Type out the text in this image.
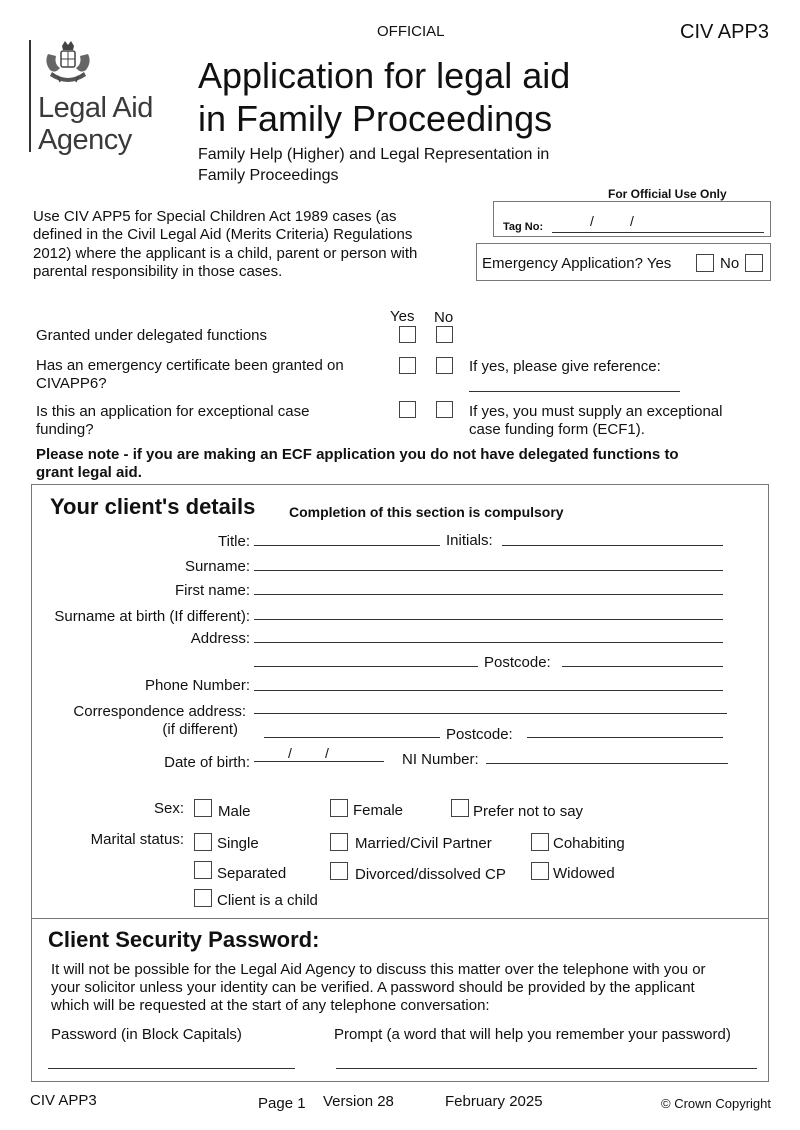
OFFICIAL	CIV APP3
Legal Aid
Agency
Application for legal aid
in Family Proceedings
Family Help (Higher) and Legal Representation in
Family Proceedings
Use CIV APP5 for Special Children Act 1989 cases (as
defined in the Civil Legal Aid (Merits Criteria) Regulations
2012) where the applicant is a child, parent or person with
parental responsibility in those cases.
For Official Use Only
Tag No:	/	/
Emergency Application? Yes	No
Yes No
Granted under delegated functions
Has an emergency certificate been granted on
CIVAPP6?
If yes, please give reference:
Is this an application for exceptional case
funding?
If yes, you must supply an exceptional
case funding form (ECF1).
Please note - if you are making an ECF application you do not have delegated functions to
grant legal aid.
Your client's details Completion of this section is compulsory
Title:	Initials:
Surname:
First name:
Surname at birth (If different):
Address:
Postcode:
Phone Number:
Correspondence address:
(if different)	Postcode:
Date of birth:
/ /	NI Number:
Sex: Male	Female	Prefer not to say
Marital status: Single	Married/Civil Partner	Cohabiting
Separated	Divorced/dissolved CP	Widowed
Client is a child
Client Security Password:
It will not be possible for the Legal Aid Agency to discuss this matter over the telephone with you or
your solicitor unless your identity can be verified. A password should be provided by the applicant
which will be requested at the start of any telephone conversation:
Password (in Block Capitals)	Prompt (a word that will help you remember your password)
CIV APP3	Page 1 Version 28	February 2025	© Crown Copyright
